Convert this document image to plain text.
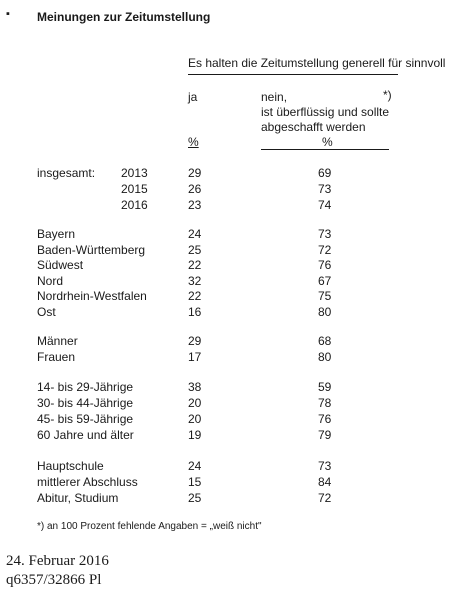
▪ Meinungen zur Zeitumstellung
Es halten die Zeitumstellung generell für sinnvoll
ja	nein,	*)
ist überflüssig und sollte
abgeschafft werden
%	%
insgesamt: 2013	29	69
2015	26	73
2016	23	74
Bayern	24	73
Baden-Württemberg	25	72
Südwest	22	76
Nord	32	67
Nordrhein-Westfalen	22	75
Ost	16	80
Männer	29	68
Frauen	17	80
14- bis 29-Jährige	38	59
30- bis 44-Jährige	20	78
45- bis 59-Jährige	20	76
60 Jahre und älter	19	79
Hauptschule	24	73
mittlerer Abschluss	15	84
Abitur, Studium	25	72
*) an 100 Prozent fehlende Angaben = „weiß nicht"
24. Februar 2016
q6357/32866 Pl
